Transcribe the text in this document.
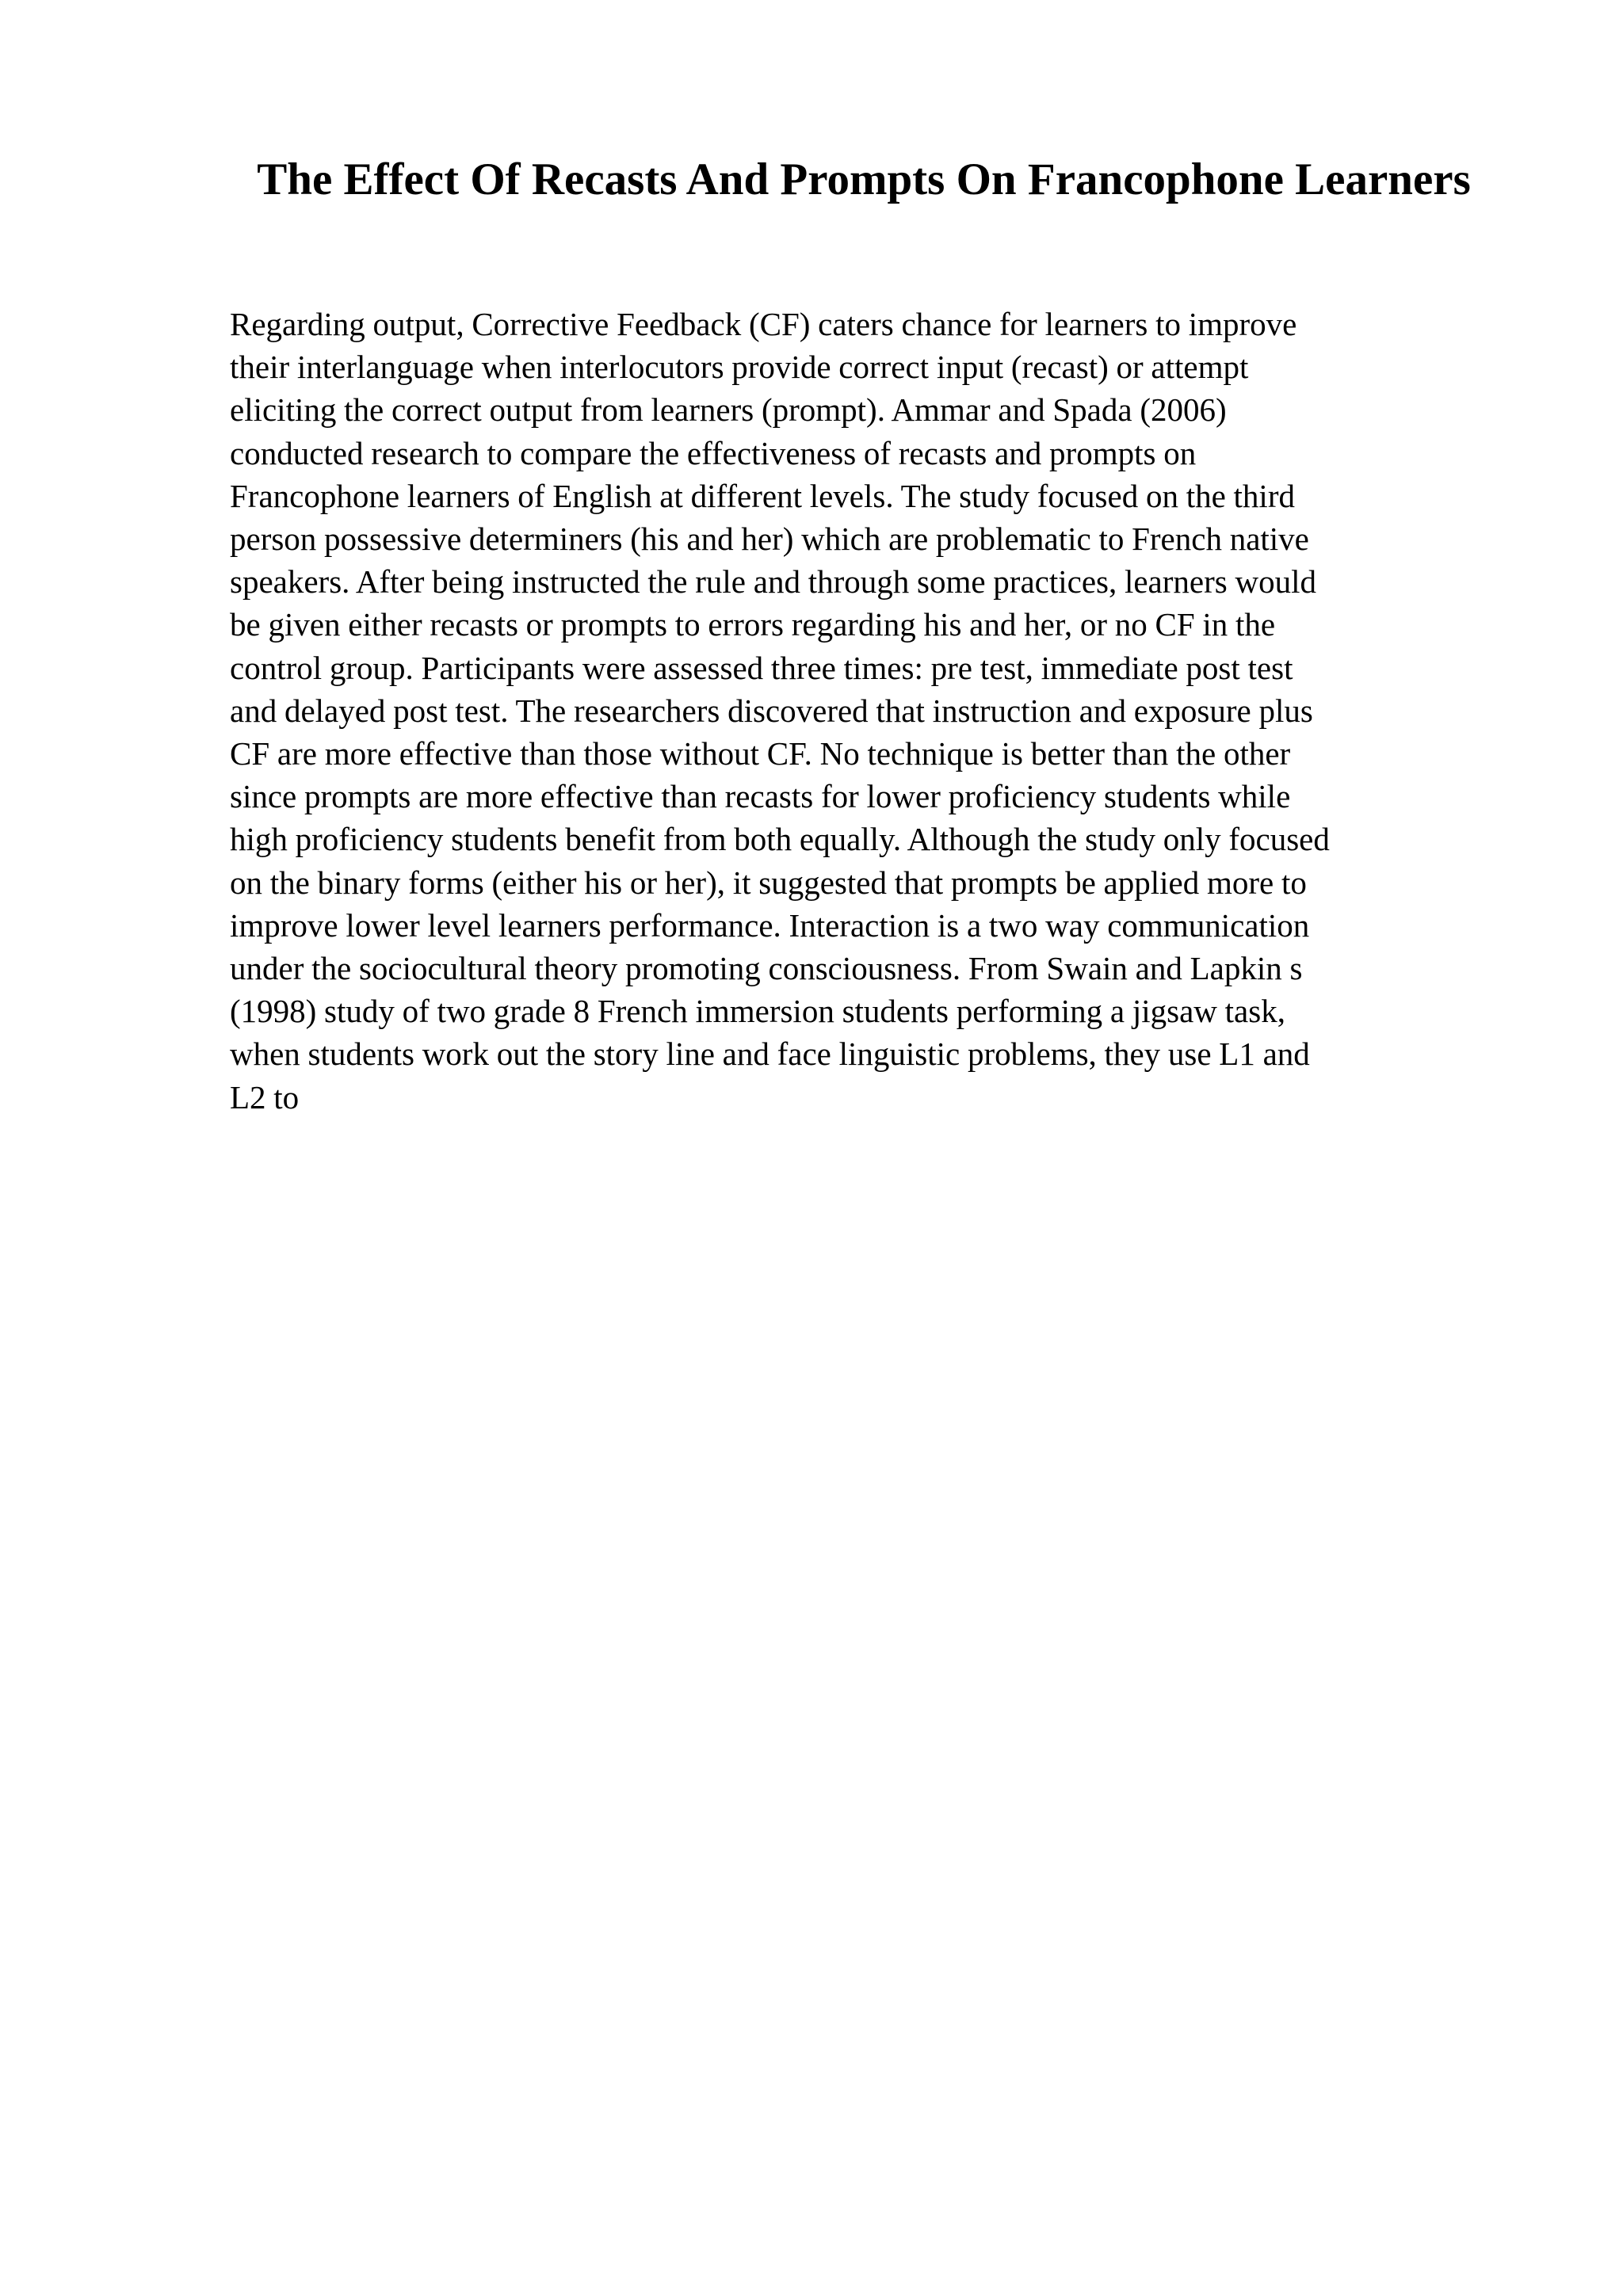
The Effect Of Recasts And Prompts On Francophone Learners
Regarding output, Corrective Feedback (CF) caters chance for learners to improve
their interlanguage when interlocutors provide correct input (recast) or attempt
eliciting the correct output from learners (prompt). Ammar and Spada (2006)
conducted research to compare the effectiveness of recasts and prompts on
Francophone learners of English at different levels. The study focused on the third
person possessive determiners (his and her) which are problematic to French native
speakers. After being instructed the rule and through some practices, learners would
be given either recasts or prompts to errors regarding his and her, or no CF in the
control group. Participants were assessed three times: pre test, immediate post test
and delayed post test. The researchers discovered that instruction and exposure plus
CF are more effective than those without CF. No technique is better than the other
since prompts are more effective than recasts for lower proficiency students while
high proficiency students benefit from both equally. Although the study only focused
on the binary forms (either his or her), it suggested that prompts be applied more to
improve lower level learners performance. Interaction is a two way communication
under the sociocultural theory promoting consciousness. From Swain and Lapkin s
(1998) study of two grade 8 French immersion students performing a jigsaw task,
when students work out the story line and face linguistic problems, they use L1 and
L2 to
